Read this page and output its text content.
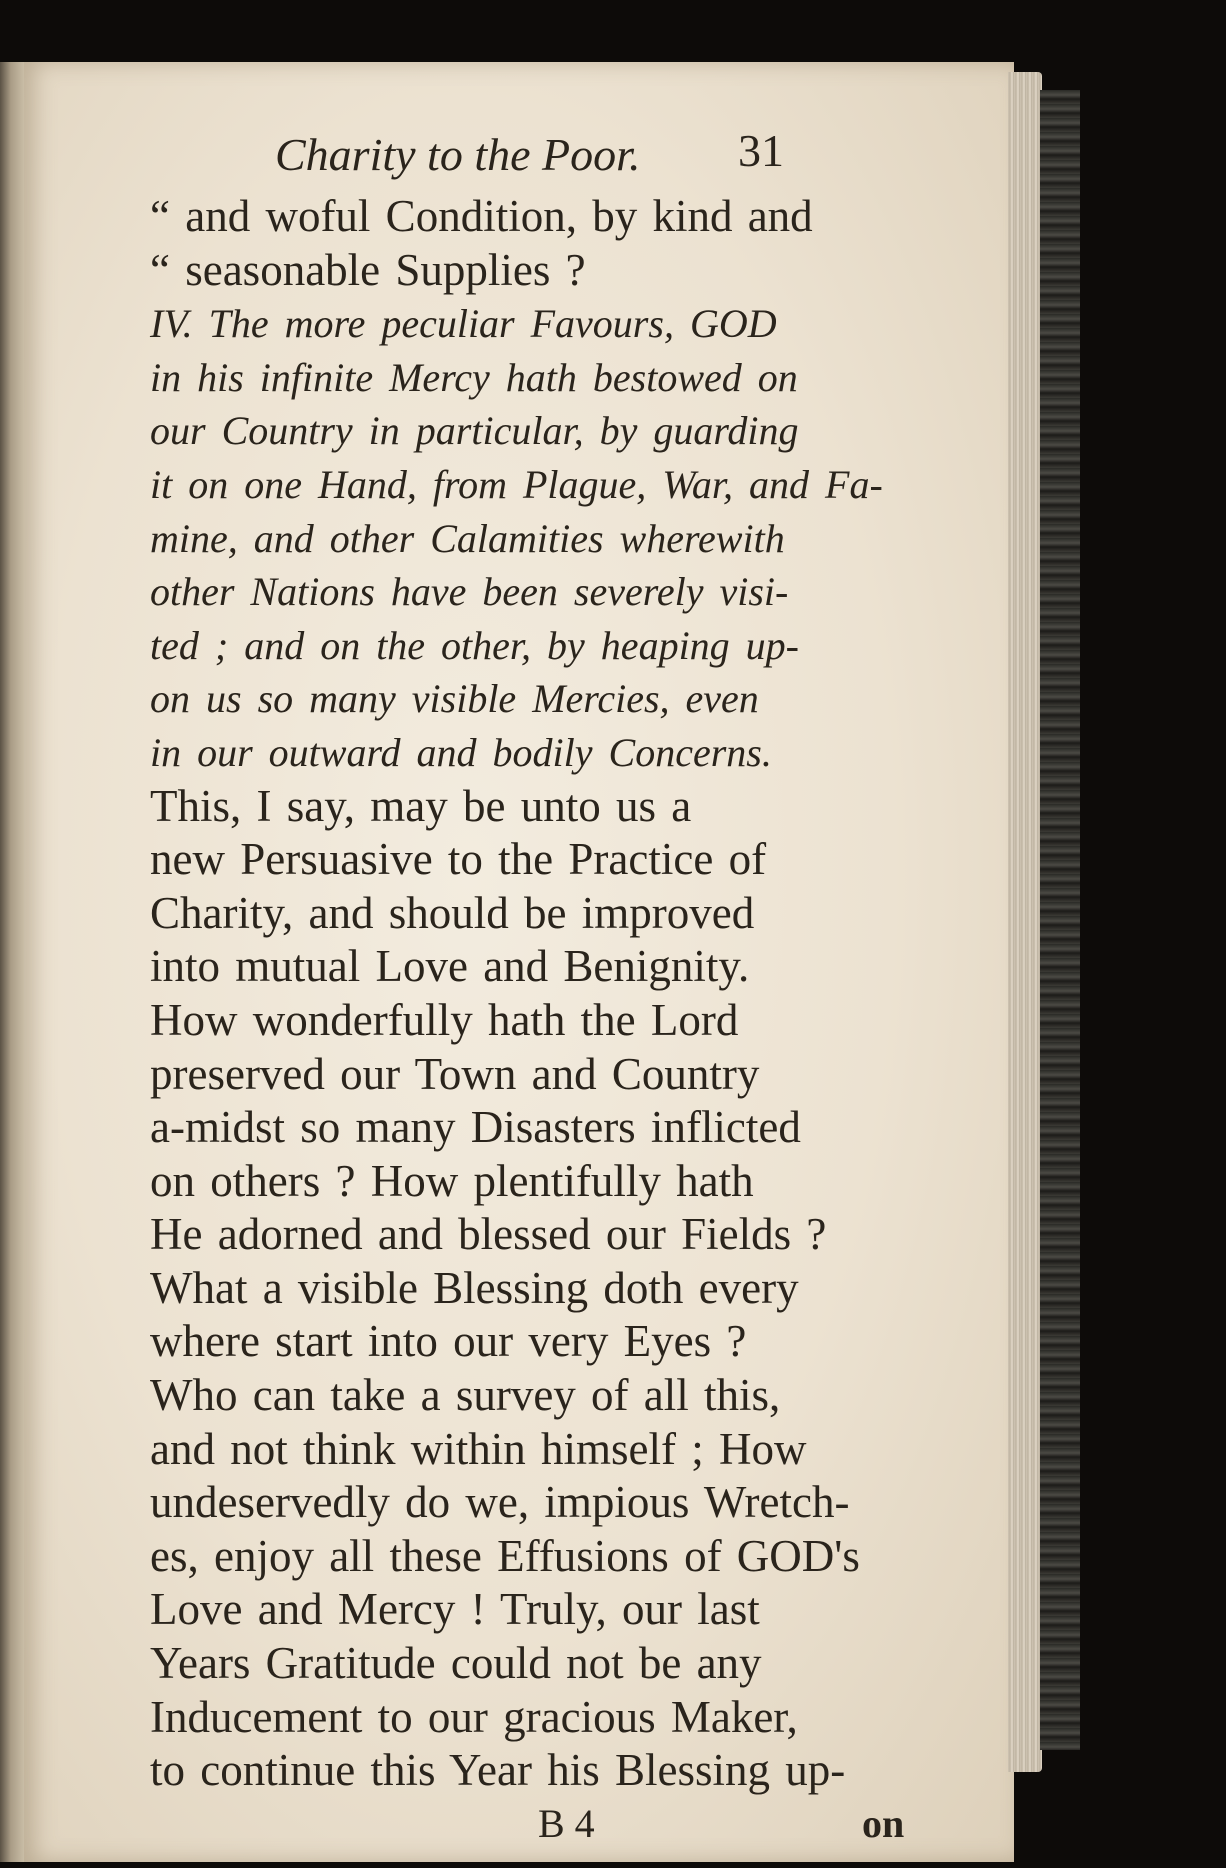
Charity to the Poor. 31
“ and woful Condition, by kind and
“ seasonable Supplies ?
IV. The more peculiar Favours, GOD
in his infinite Mercy hath bestowed on
our Country in particular, by guarding
it on one Hand, from Plague, War, and Fa-
mine, and other Calamities wherewith
other Nations have been severely visi-
ted ; and on the other, by heaping up-
on us so many visible Mercies, even
in our outward and bodily Concerns.
This, I say, may be unto us a
new Persuasive to the Practice of
Charity, and should be improved
into mutual Love and Benignity.
How wonderfully hath the Lord
preserved our Town and Country
a-midst so many Disasters inflicted
on others ? How plentifully hath
He adorned and blessed our Fields ?
What a visible Blessing doth every
where start into our very Eyes ?
Who can take a survey of all this,
and not think within himself ; How
undeservedly do we, impious Wretch-
es, enjoy all these Effusions of GOD's
Love and Mercy ! Truly, our last
Years Gratitude could not be any
Inducement to our gracious Maker,
to continue this Year his Blessing up-
B 4	on
